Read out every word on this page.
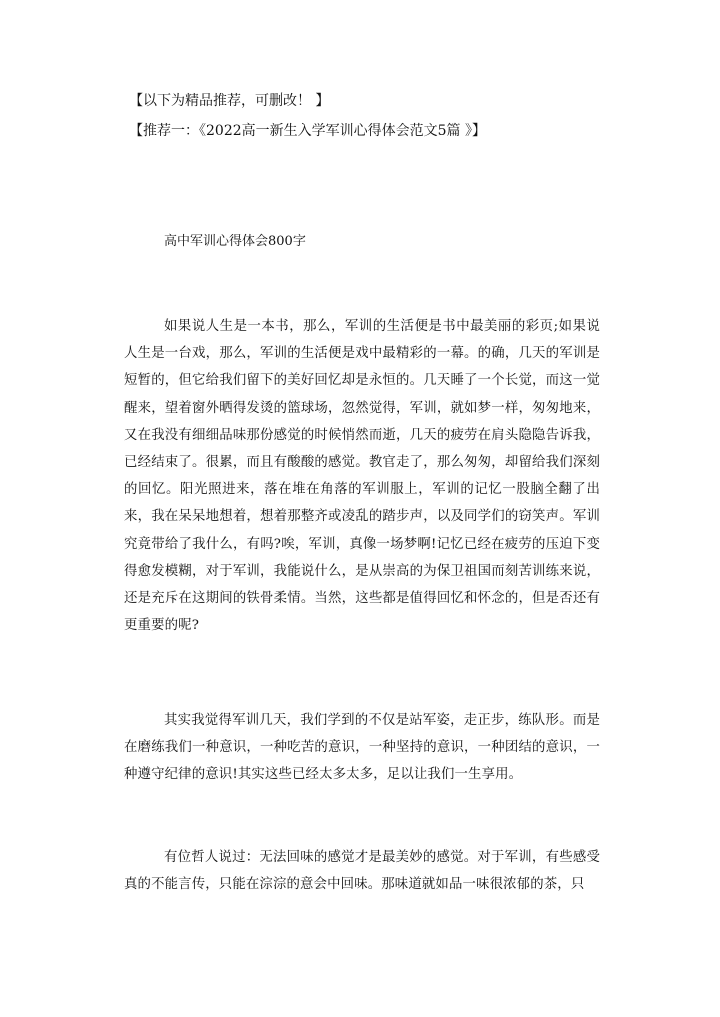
【以下为精品推荐，可删改！ 】
【推荐一：《2022高一新生入学军训心得体会范文5篇 》】
高中军训心得体会800字

如果说人生是一本书，那么，军训的生活便是书中最美丽的彩页;如果说人生是一台戏，那么，军训的生活便是戏中最精彩的一幕。的确，几天的军训是短暂的，但它给我们留下的美好回忆却是永恒的。几天睡了一个长觉，而这一觉醒来，望着窗外晒得发烫的篮球场，忽然觉得，军训，就如梦一样，匆匆地来，又在我没有细细品味那份感觉的时候悄然而逝，几天的疲劳在肩头隐隐告诉我，已经结束了。很累，而且有酸酸的感觉。教官走了，那么匆匆，却留给我们深刻的回忆。阳光照进来，落在堆在角落的军训服上，军训的记忆一股脑全翻了出来，我在呆呆地想着，想着那整齐或凌乱的踏步声，以及同学们的窃笑声。军训究竟带给了我什么，有吗?唉，军训，真像一场梦啊!记忆已经在疲劳的压迫下变得愈发模糊，对于军训，我能说什么，是从崇高的为保卫祖国而刻苦训练来说，还是充斥在这期间的铁骨柔情。当然，这些都是值得回忆和怀念的，但是否还有更重要的呢?

其实我觉得军训几天，我们学到的不仅是站军姿，走正步，练队形。而是在磨练我们一种意识，一种吃苦的意识，一种坚持的意识，一种团结的意识，一种遵守纪律的意识!其实这些已经太多太多，足以让我们一生享用。

有位哲人说过：无法回味的感觉才是最美妙的感觉。对于军训，有些感受真的不能言传，只能在淙淙的意会中回味。那味道就如品一味很浓郁的茶，只
